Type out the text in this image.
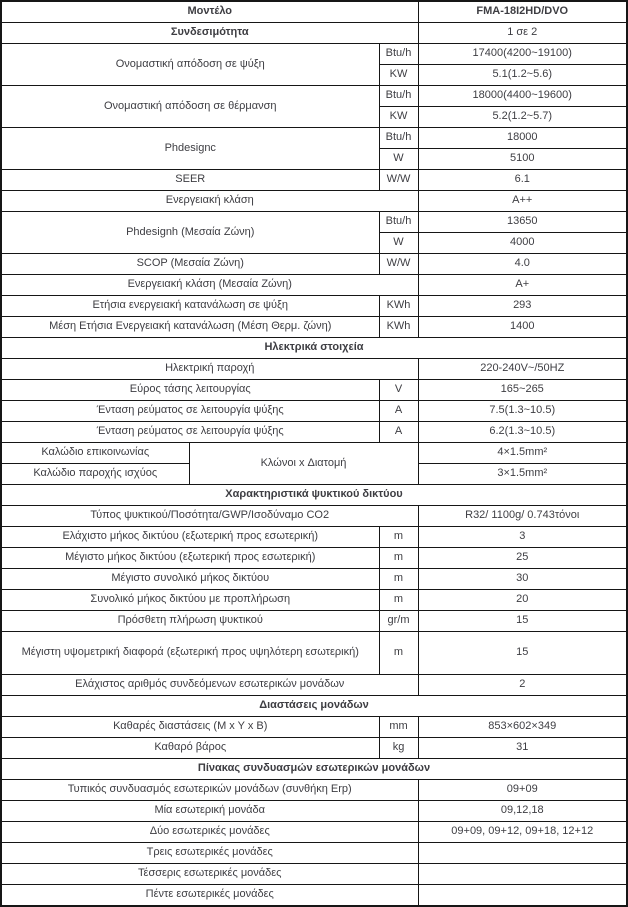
Μοντέλο			FMA-18I2HD/DVO
Συνδεσιμότητα			1 σε 2
Ονομαστική απόδοση σε ψύξη		Btu/h	17400(4200~19100)
		KW	5.1(1.2~5.6)
Ονομαστική απόδοση σε θέρμανση		Btu/h	18000(4400~19600)
		KW	5.2(1.2~5.7)
Phdesignc		Btu/h	18000
		W	5100
SEER		W/W	6.1
Ενεργειακή κλάση			A++
Phdesignh (Μεσαία Ζώνη)		Btu/h	13650
		W	4000
SCOP (Μεσαία Ζώνη)		W/W	4.0
Ενεργειακή κλάση (Μεσαία Ζώνη)			A+
Ετήσια ενεργειακή κατανάλωση σε ψύξη		KWh	293
Μέση Ετήσια Ενεργειακή κατανάλωση (Μέση Θερμ. ζώνη)		KWh	1400
Ηλεκτρικά στοιχεία			
Ηλεκτρική παροχή			220-240V~/50HZ
Εύρος τάσης λειτουργίας		V	165~265
Ένταση ρεύματος σε λειτουργία ψύξης		A	7.5(1.3~10.5)
Ένταση ρεύματος σε λειτουργία ψύξης		A	6.2(1.3~10.5)
Καλώδιο επικοινωνίας	Κλώνοι x Διατομή		4×1.5mm²
Καλώδιο παροχής ισχύος			3×1.5mm²
Χαρακτηριστικά ψυκτικού δικτύου			
Τύπος ψυκτικού/Ποσότητα/GWP/Ισοδύναμο CO2			R32/ 1100g/ 0.743τόνοι
Ελάχιστο μήκος δικτύου (εξωτερική προς εσωτερική)		m	3
Μέγιστο μήκος δικτύου (εξωτερική προς εσωτερική)		m	25
Μέγιστο συνολικό μήκος δικτύου		m	30
Συνολικό μήκος δικτύου με προπλήρωση		m	20
Πρόσθετη πλήρωση ψυκτικού		gr/m	15
Μέγιστη υψομετρική διαφορά (εξωτερική προς υψηλότερη εσωτερική)		m	15
Ελάχιστος αριθμός συνδεόμενων εσωτερικών μονάδων			2
Διαστάσεις μονάδων			
Καθαρές διαστάσεις (M x Y x B)		mm	853×602×349
Καθαρό βάρος		kg	31
Πίνακας συνδυασμών εσωτερικών μονάδων			
Τυπικός συνδυασμός εσωτερικών μονάδων (συνθήκη Erp)			09+09
Μία εσωτερική μονάδα			09,12,18
Δύο εσωτερικές μονάδες			09+09, 09+12, 09+18, 12+12
Τρεις εσωτερικές μονάδες			
Τέσσερις εσωτερικές μονάδες			
Πέντε εσωτερικές μονάδες			
